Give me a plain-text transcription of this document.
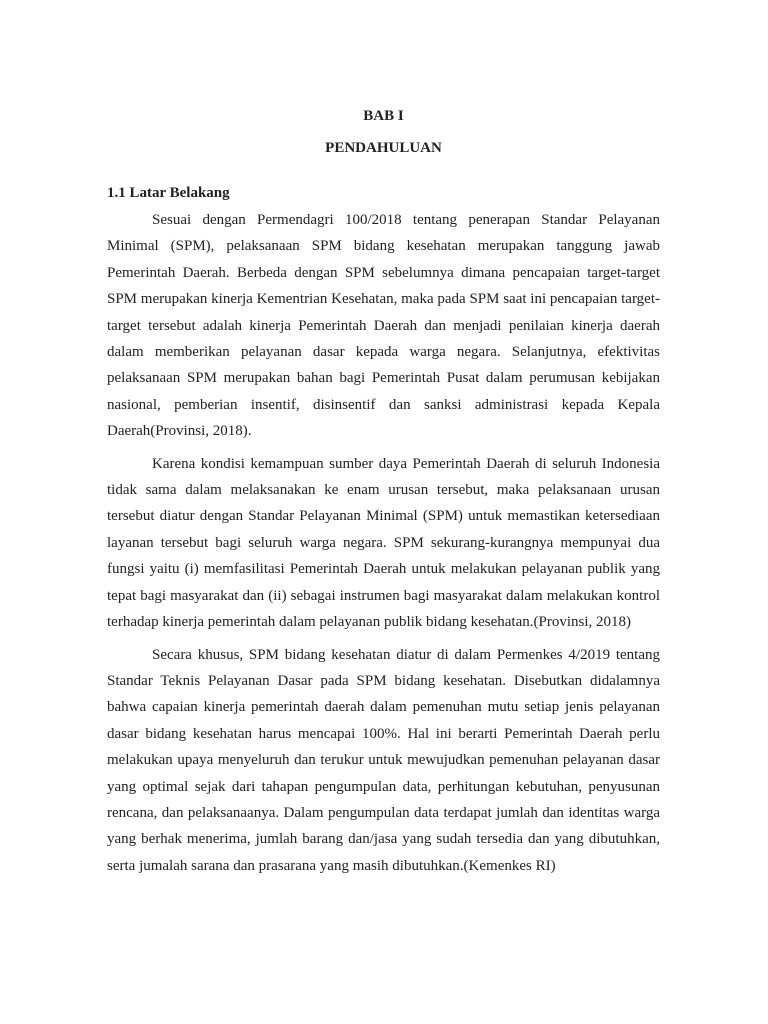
BAB I
PENDAHULUAN
1.1 Latar Belakang

Sesuai dengan Permendagri 100/2018 tentang penerapan Standar Pelayanan Minimal (SPM), pelaksanaan SPM bidang kesehatan merupakan tanggung jawab Pemerintah Daerah. Berbeda dengan SPM sebelumnya dimana pencapaian target-target SPM merupakan kinerja Kementrian Kesehatan, maka pada SPM saat ini pencapaian target-target tersebut adalah kinerja Pemerintah Daerah dan menjadi penilaian kinerja daerah dalam memberikan pelayanan dasar kepada warga negara. Selanjutnya, efektivitas pelaksanaan SPM merupakan bahan bagi Pemerintah Pusat dalam perumusan kebijakan nasional, pemberian insentif, disinsentif dan sanksi administrasi kepada Kepala Daerah(Provinsi, 2018).

Karena kondisi kemampuan sumber daya Pemerintah Daerah di seluruh Indonesia tidak sama dalam melaksanakan ke enam urusan tersebut, maka pelaksanaan urusan tersebut diatur dengan Standar Pelayanan Minimal (SPM) untuk memastikan ketersediaan layanan tersebut bagi seluruh warga negara. SPM sekurang-kurangnya mempunyai dua fungsi yaitu (i) memfasilitasi Pemerintah Daerah untuk melakukan pelayanan publik yang tepat bagi masyarakat dan (ii) sebagai instrumen bagi masyarakat dalam melakukan kontrol terhadap kinerja pemerintah dalam pelayanan publik bidang kesehatan.(Provinsi, 2018)

Secara khusus, SPM bidang kesehatan diatur di dalam Permenkes 4/2019 tentang Standar Teknis Pelayanan Dasar pada SPM bidang kesehatan. Disebutkan didalamnya bahwa capaian kinerja pemerintah daerah dalam pemenuhan mutu setiap jenis pelayanan dasar bidang kesehatan harus mencapai 100%. Hal ini berarti Pemerintah Daerah perlu melakukan upaya menyeluruh dan terukur untuk mewujudkan pemenuhan pelayanan dasar yang optimal sejak dari tahapan pengumpulan data, perhitungan kebutuhan, penyusunan rencana, dan pelaksanaanya. Dalam pengumpulan data terdapat jumlah dan identitas warga yang berhak menerima, jumlah barang dan/jasa yang sudah tersedia dan yang dibutuhkan, serta jumalah sarana dan prasarana yang masih dibutuhkan.(Kemenkes RI)
